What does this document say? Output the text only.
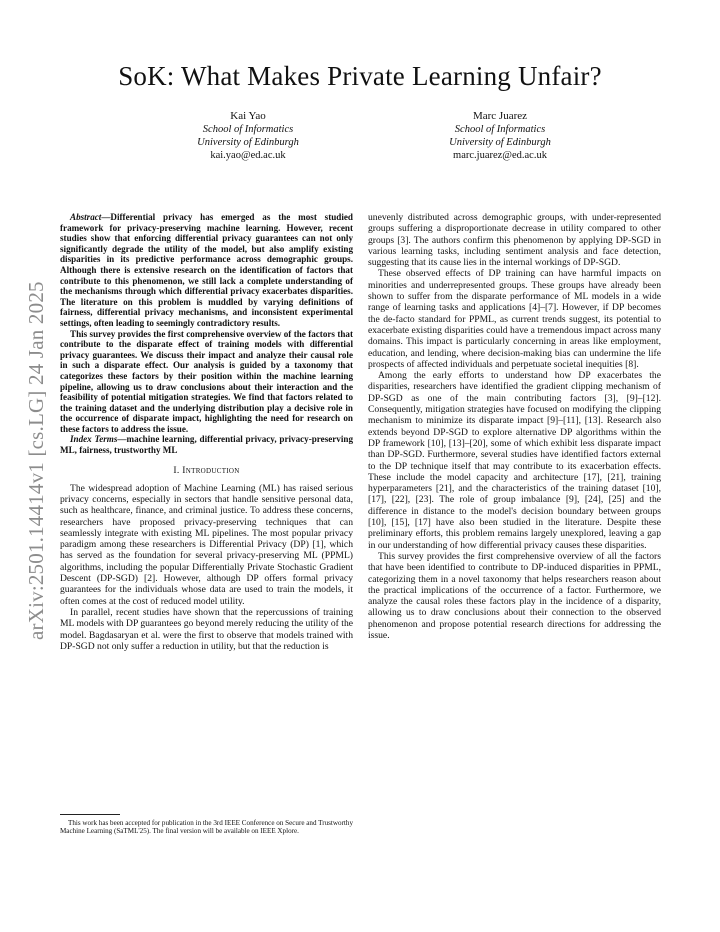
arXiv:2501.14414v1 [cs.LG] 24 Jan 2025
SoK: What Makes Private Learning Unfair?
Kai Yao
School of Informatics
University of Edinburgh
kai.yao@ed.ac.uk
Marc Juarez
School of Informatics
University of Edinburgh
marc.juarez@ed.ac.uk

Abstract—Differential privacy has emerged as the most studied framework for privacy-preserving machine learning. However, recent studies show that enforcing differential privacy guarantees can not only significantly degrade the utility of the model, but also amplify existing disparities in its predictive performance across demographic groups. Although there is extensive research on the identification of factors that contribute to this phenomenon, we still lack a complete understanding of the mechanisms through which differential privacy exacerbates disparities. The literature on this problem is muddled by varying definitions of fairness, differential privacy mechanisms, and inconsistent experimental settings, often leading to seemingly contradictory results.

This survey provides the first comprehensive overview of the factors that contribute to the disparate effect of training models with differential privacy guarantees. We discuss their impact and analyze their causal role in such a disparate effect. Our analysis is guided by a taxonomy that categorizes these factors by their position within the machine learning pipeline, allowing us to draw conclusions about their interaction and the feasibility of potential mitigation strategies. We find that factors related to the training dataset and the underlying distribution play a decisive role in the occurrence of disparate impact, highlighting the need for research on these factors to address the issue.

Index Terms—machine learning, differential privacy, privacy-preserving ML, fairness, trustworthy ML

I. Introduction

The widespread adoption of Machine Learning (ML) has raised serious privacy concerns, especially in sectors that handle sensitive personal data, such as healthcare, finance, and criminal justice. To address these concerns, researchers have proposed privacy-preserving techniques that can seamlessly integrate with existing ML pipelines. The most popular privacy paradigm among these researchers is Differential Privacy (DP) [1], which has served as the foundation for several privacy-preserving ML (PPML) algorithms, including the popular Differentially Private Stochastic Gradient Descent (DP-SGD) [2]. However, although DP offers formal privacy guarantees for the individuals whose data are used to train the models, it often comes at the cost of reduced model utility.

In parallel, recent studies have shown that the repercussions of training ML models with DP guarantees go beyond merely reducing the utility of the model. Bagdasaryan et al. were the first to observe that models trained with DP-SGD not only suffer a reduction in utility, but that the reduction is

This work has been accepted for publication in the 3rd IEEE Conference on Secure and Trustworthy Machine Learning (SaTML'25). The final version will be available on IEEE Xplore.

unevenly distributed across demographic groups, with under-represented groups suffering a disproportionate decrease in utility compared to other groups [3]. The authors confirm this phenomenon by applying DP-SGD in various learning tasks, including sentiment analysis and face detection, suggesting that its cause lies in the internal workings of DP-SGD.

These observed effects of DP training can have harmful impacts on minorities and underrepresented groups. These groups have already been shown to suffer from the disparate performance of ML models in a wide range of learning tasks and applications [4]–[7]. However, if DP becomes the de-facto standard for PPML, as current trends suggest, its potential to exacerbate existing disparities could have a tremendous impact across many domains. This impact is particularly concerning in areas like employment, education, and lending, where decision-making bias can undermine the life prospects of affected individuals and perpetuate societal inequities [8].

Among the early efforts to understand how DP exacerbates the disparities, researchers have identified the gradient clipping mechanism of DP-SGD as one of the main contributing factors [3], [9]–[12]. Consequently, mitigation strategies have focused on modifying the clipping mechanism to minimize its disparate impact [9]–[11], [13]. Research also extends beyond DP-SGD to explore alternative DP algorithms within the DP framework [10], [13]–[20], some of which exhibit less disparate impact than DP-SGD. Furthermore, several studies have identified factors external to the DP technique itself that may contribute to its exacerbation effects. These include the model capacity and architecture [17], [21], training hyperparameters [21], and the characteristics of the training dataset [10], [17], [22], [23]. The role of group imbalance [9], [24], [25] and the difference in distance to the model's decision boundary between groups [10], [15], [17] have also been studied in the literature. Despite these preliminary efforts, this problem remains largely unexplored, leaving a gap in our understanding of how differential privacy causes these disparities.

This survey provides the first comprehensive overview of all the factors that have been identified to contribute to DP-induced disparities in PPML, categorizing them in a novel taxonomy that helps researchers reason about the practical implications of the occurrence of a factor. Furthermore, we analyze the causal roles these factors play in the incidence of a disparity, allowing us to draw conclusions about their connection to the observed phenomenon and propose potential research directions for addressing the issue.
